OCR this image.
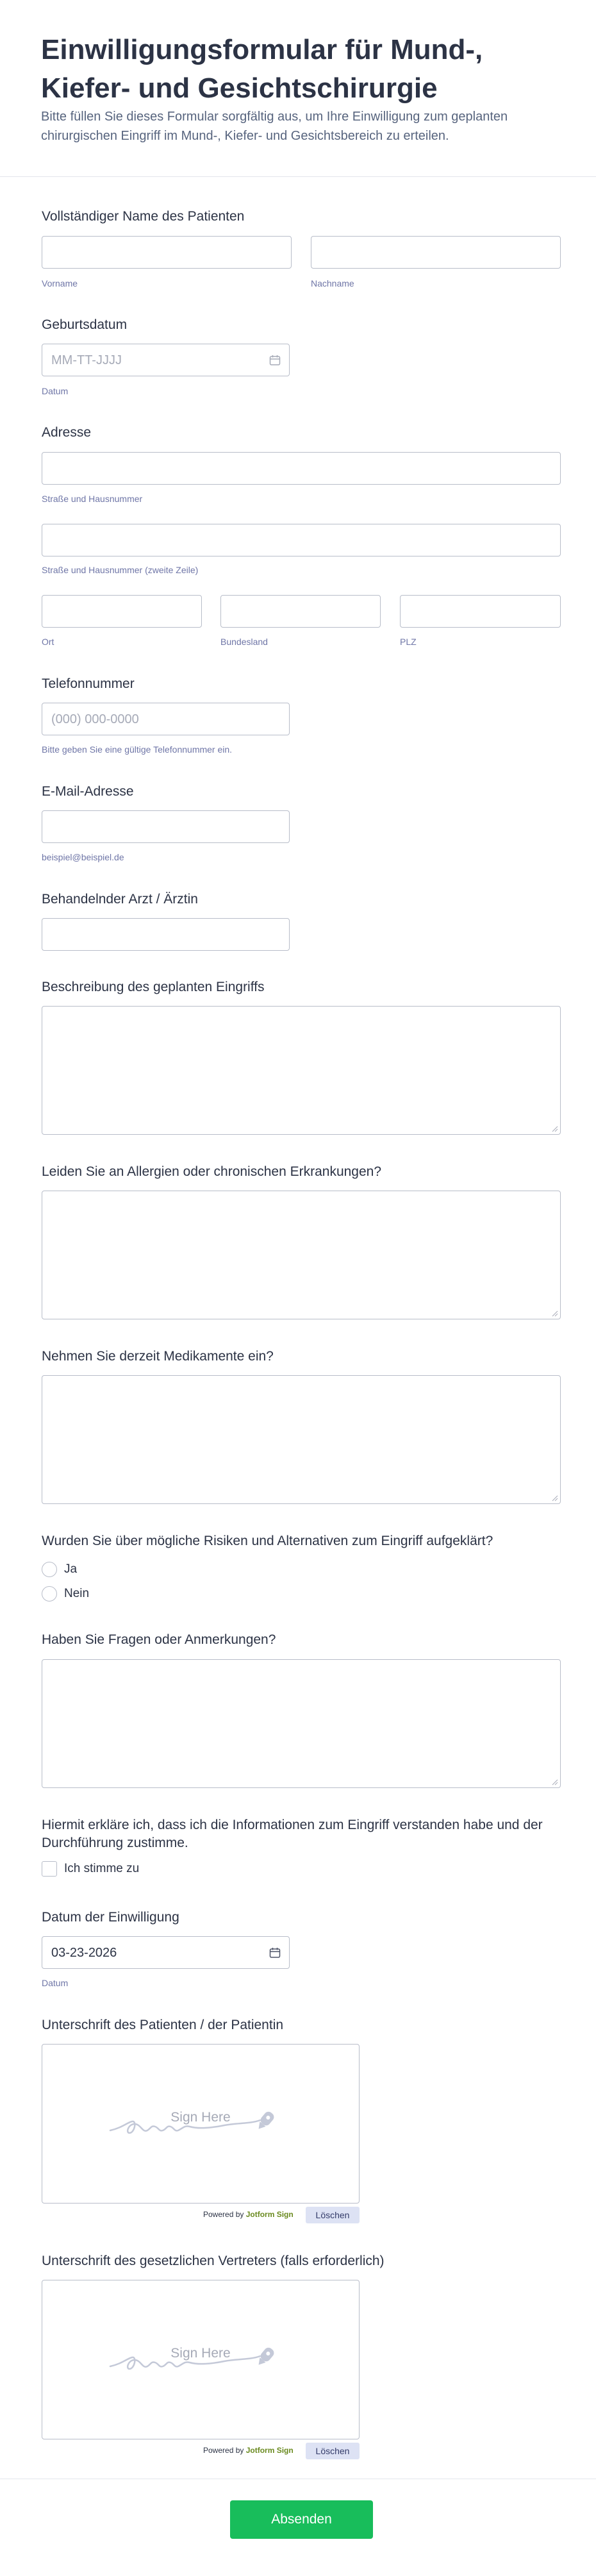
Einwilligungsformular für Mund-, Kiefer- und Gesichtschirurgie
Bitte füllen Sie dieses Formular sorgfältig aus, um Ihre Einwilligung zum geplanten chirurgischen Eingriff im Mund-, Kiefer- und Gesichtsbereich zu erteilen.
Vollständiger Name des Patienten
Vorname	Nachname
Geburtsdatum
MM-TT-JJJJ
Datum
Adresse
Straße und Hausnummer
Straße und Hausnummer (zweite Zeile)
Ort	Bundesland	PLZ
Telefonnummer
(000) 000-0000
Bitte geben Sie eine gültige Telefonnummer ein.
E-Mail-Adresse
beispiel@beispiel.de
Behandelnder Arzt / Ärztin
Beschreibung des geplanten Eingriffs
Leiden Sie an Allergien oder chronischen Erkrankungen?
Nehmen Sie derzeit Medikamente ein?
Wurden Sie über mögliche Risiken und Alternativen zum Eingriff aufgeklärt?
Ja
Nein
Haben Sie Fragen oder Anmerkungen?
Hiermit erkläre ich, dass ich die Informationen zum Eingriff verstanden habe und der Durchführung zustimme.
Ich stimme zu
Datum der Einwilligung
03-23-2026
Datum
Unterschrift des Patienten / der Patientin
Sign Here
Powered by Jotform Sign	Löschen
Unterschrift des gesetzlichen Vertreters (falls erforderlich)
Sign Here
Powered by Jotform Sign	Löschen
Absenden
